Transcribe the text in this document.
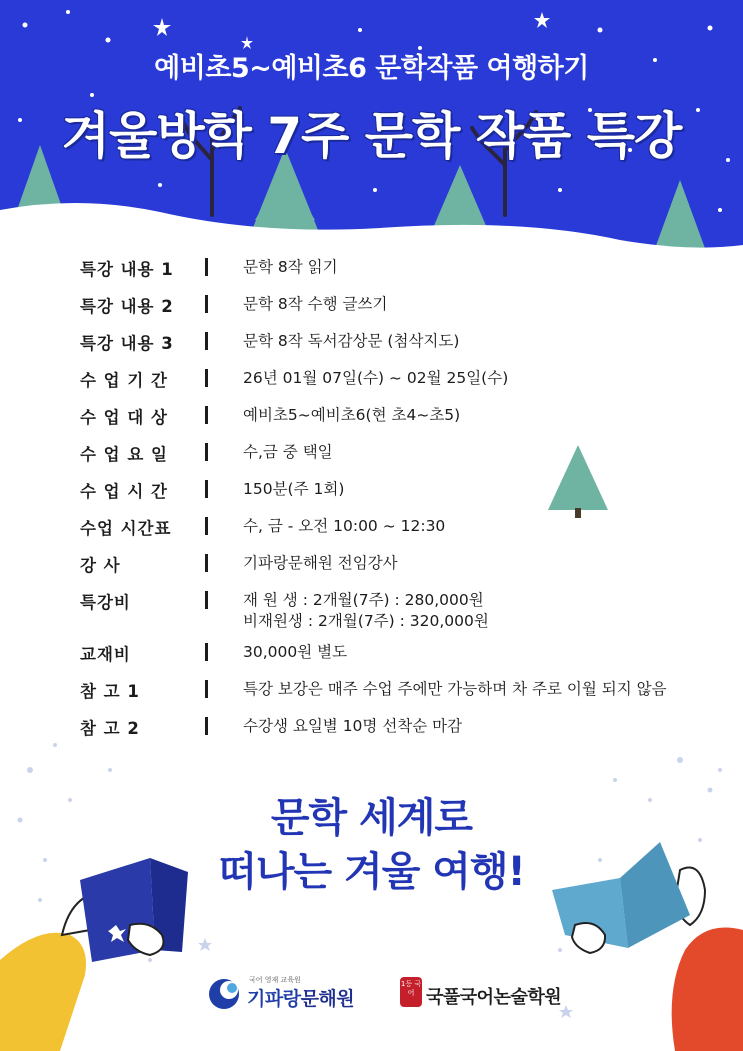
예비초5~예비초6 문학작품 여행하기
겨울방학 7주 문학 작품 특강
특강 내용 1	문학 8작 읽기
특강 내용 2	문학 8작 수행 글쓰기
특강 내용 3	문학 8작 독서감상문 (첨삭지도)
수 업 기 간	26년 01월 07일(수) ~ 02월 25일(수)
수 업 대 상	예비초5~예비초6(현 초4~초5)
수 업 요 일	수,금 중 택일
수 업 시 간	150분(주 1회)
수업 시간표	수, 금 - 오전 10:00 ~ 12:30
강 사	기파랑문해원 전임강사
특강비	재 원 생 : 2개월(7주) : 280,000원
비재원생 : 2개월(7주) : 320,000원
교재비	30,000원 별도
참 고 1	특강 보강은 매주 수업 주에만 가능하며 차 주로 이월 되지 않음
참 고 2	수강생 요일별 10명 선착순 마감
문학 세계로
떠나는 겨울 여행!
국어 영재 교육원
기파랑문해원
1등 국어 국풀국어논술학원
